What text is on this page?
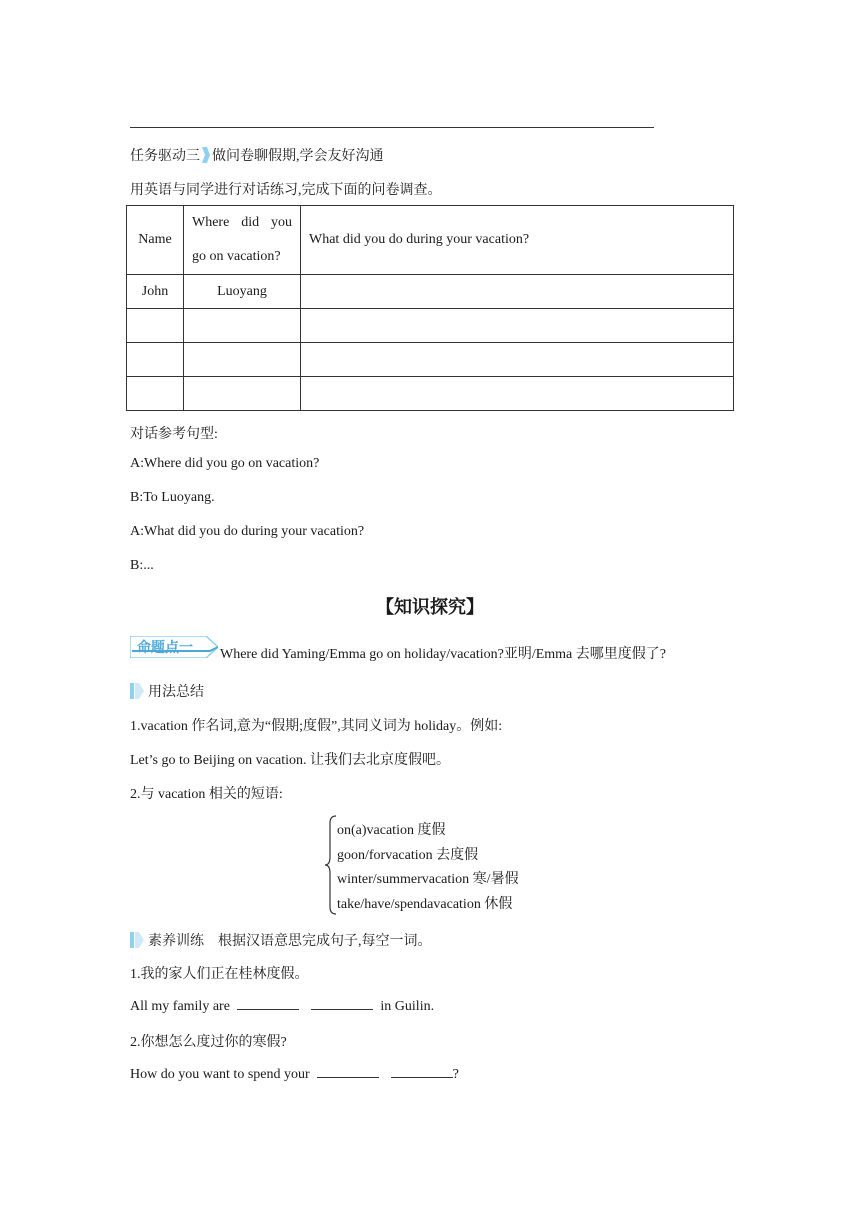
任务驱动三 做问卷聊假期,学会友好沟通
用英语与同学进行对话练习,完成下面的问卷调查。
Name	Where did you go on vacation?	What did you do during your vacation?
John	Luoyang	

对话参考句型:
A:Where did you go on vacation?
B:To Luoyang.
A:What did you do during your vacation?
B:...
【知识探究】
命题点一 Where did Yaming/Emma go on holiday/vacation?亚明/Emma 去哪里度假了?
用法总结
1.vacation 作名词,意为“假期;度假”,其同义词为 holiday。例如:
Let’s go to Beijing on vacation. 让我们去北京度假吧。
2.与 vacation 相关的短语:
on(a)vacation 度假
goon/forvacation 去度假
winter/summervacation 寒/暑假
take/have/spendavacation 休假
素养训练 根据汉语意思完成句子,每空一词。
1.我的家人们正在桂林度假。
All my family are	in Guilin.
2.你想怎么度过你的寒假?
How do you want to spend your	?
